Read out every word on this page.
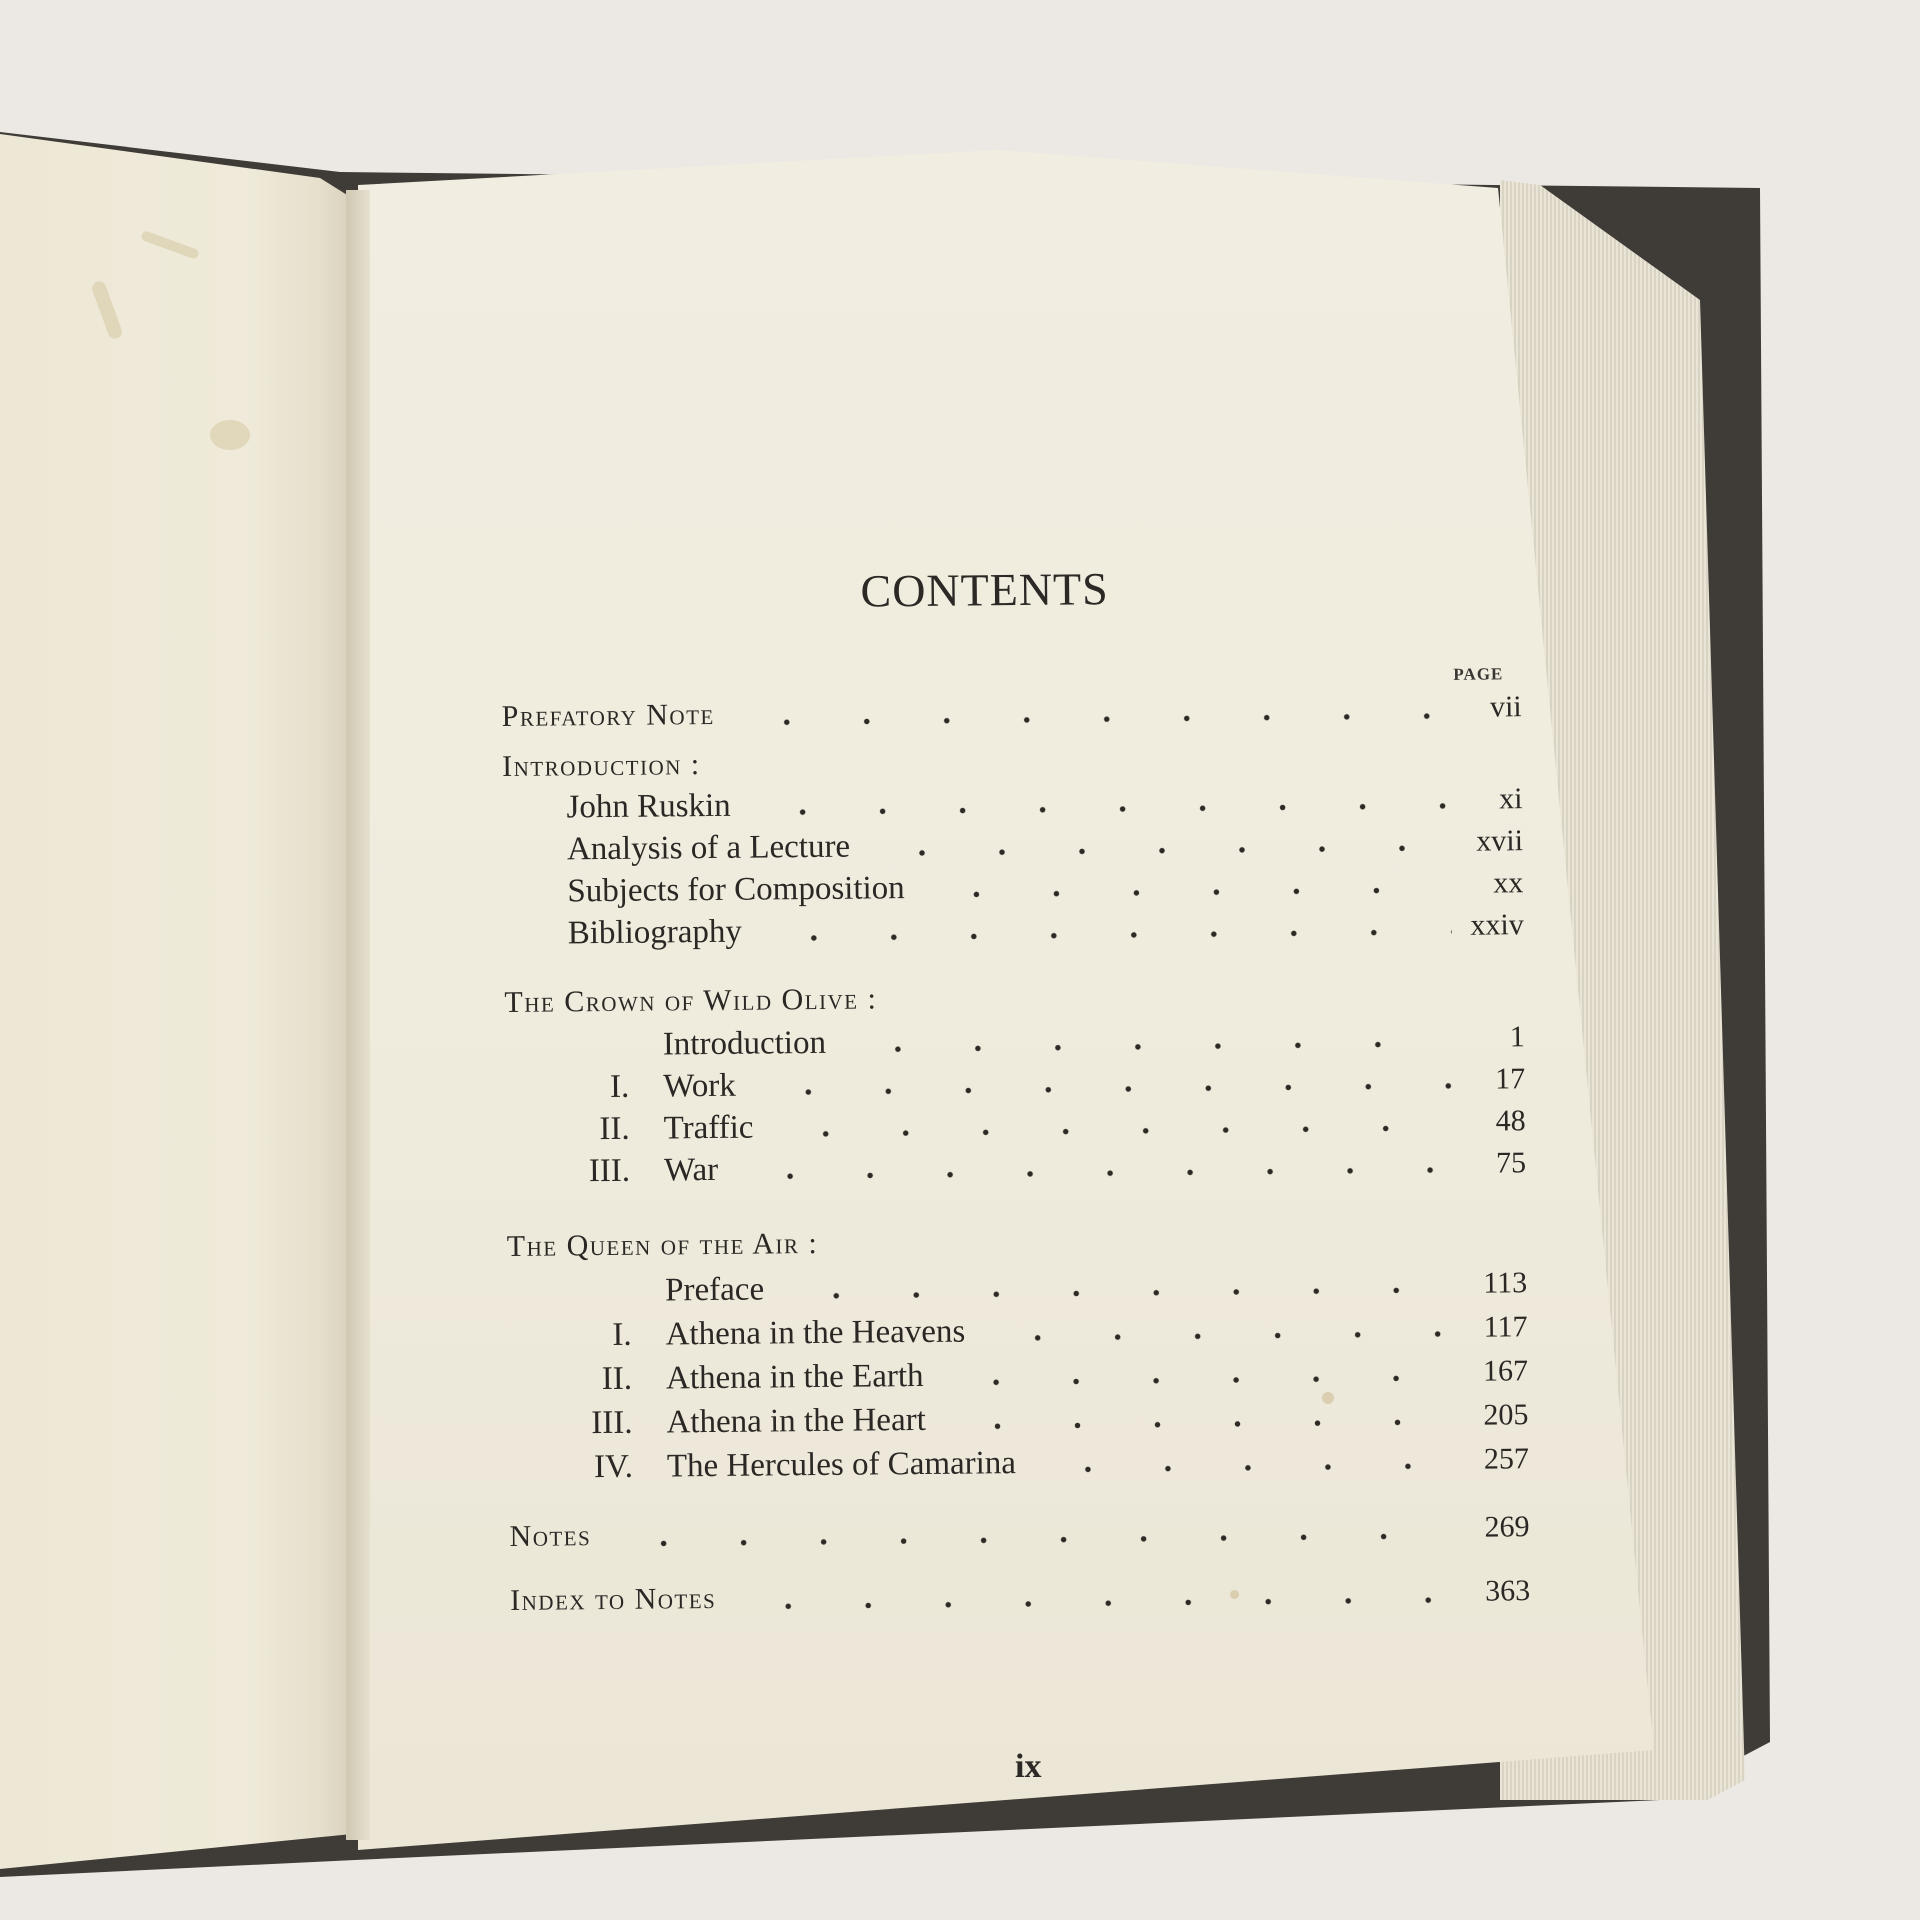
CONTENTS
PAGE
Prefatory Note	vii
Introduction :
John Ruskin	xi
Analysis of a Lecture	xvii
Subjects for Composition	xx
Bibliography	xxiv
The Crown of Wild Olive :
Introduction	1
I. Work	17
II. Traffic	48
III. War	75
The Queen of the Air :
Preface	113
I. Athena in the Heavens	117
II. Athena in the Earth	167
III. Athena in the Heart	205
IV. The Hercules of Camarina	257
Notes	269
Index to Notes	363
ix
